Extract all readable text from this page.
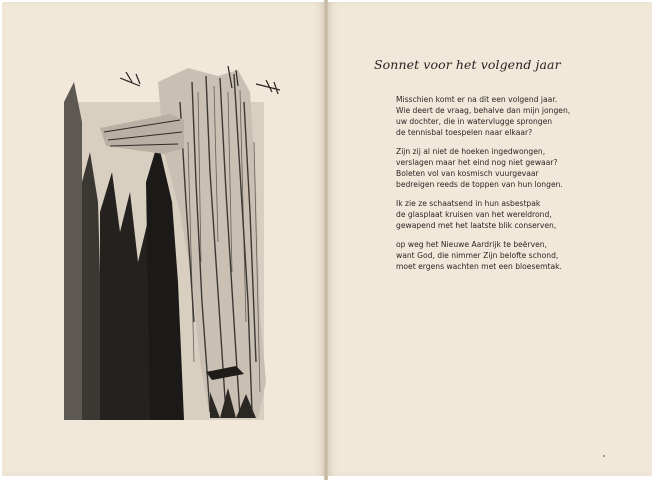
Sonnet voor het volgend jaar
Misschien komt er na dit een volgend jaar.
Wie deert de vraag, behalve dan mijn jongen,
uw dochter, die in watervlugge sprongen
de tennisbal toespelen naar elkaar?
Zijn zij al niet de hoeken ingedwongen,
verslagen maar het eind nog niet gewaar?
Boleten vol van kosmisch vuurgevaar
bedreigen reeds de toppen van hun longen.
Ik zie ze schaatsend in hun asbestpak
de glasplaat kruisen van het wereldrond,
gewapend met het laatste blik conserven,
op weg het Nieuwe Aardrijk te beërven,
want God, die nimmer Zijn belofte schond,
moet ergens wachten met een bloesemtak.
